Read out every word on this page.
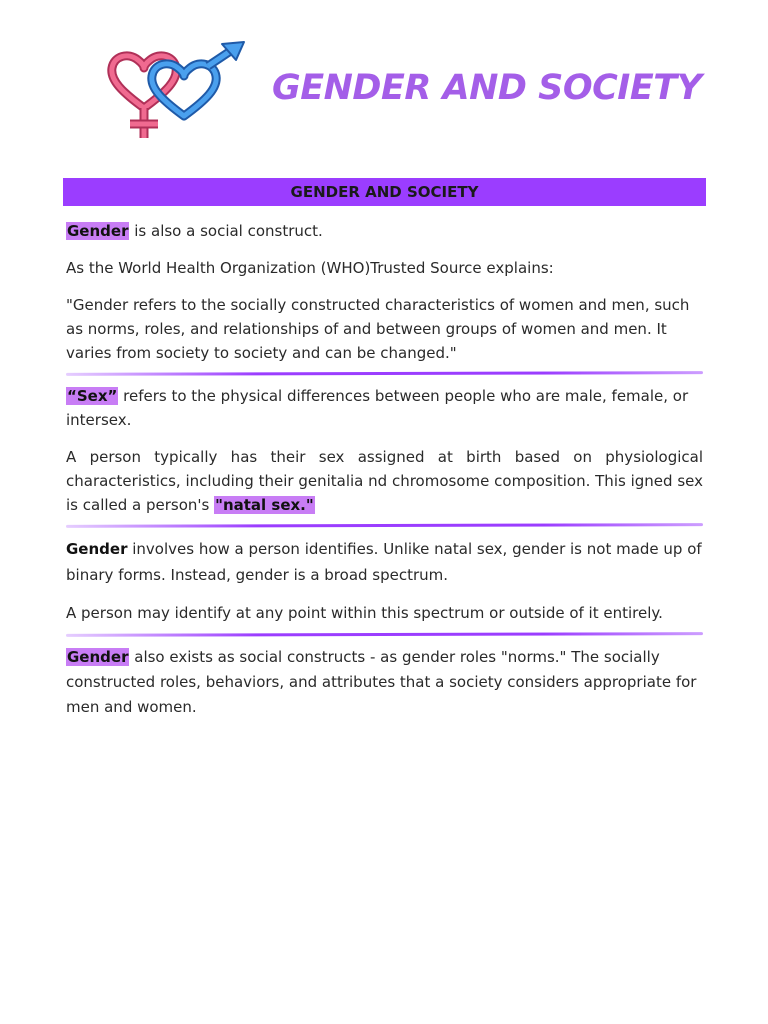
GENDER AND SOCIETY
GENDER AND SOCIETY

Gender is also a social construct.

As the World Health Organization (WHO)Trusted Source explains:

"Gender refers to the socially constructed characteristics of women and men, such as norms, roles, and relationships of and between groups of women and men. It varies from society to society and can be changed."

“Sex” refers to the physical differences between people who are male, female, or intersex.

A person typically has their sex assigned at birth based on physiological characteristics, including their genitalia nd chromosome composition. This igned sex is called a person's "natal sex."

Gender involves how a person identifies. Unlike natal sex, gender is not made up of binary forms. Instead, gender is a broad spectrum.

A person may identify at any point within this spectrum or outside of it entirely.

Gender also exists as social constructs - as gender roles "norms." The socially constructed roles, behaviors, and attributes that a society considers appropriate for men and women.
